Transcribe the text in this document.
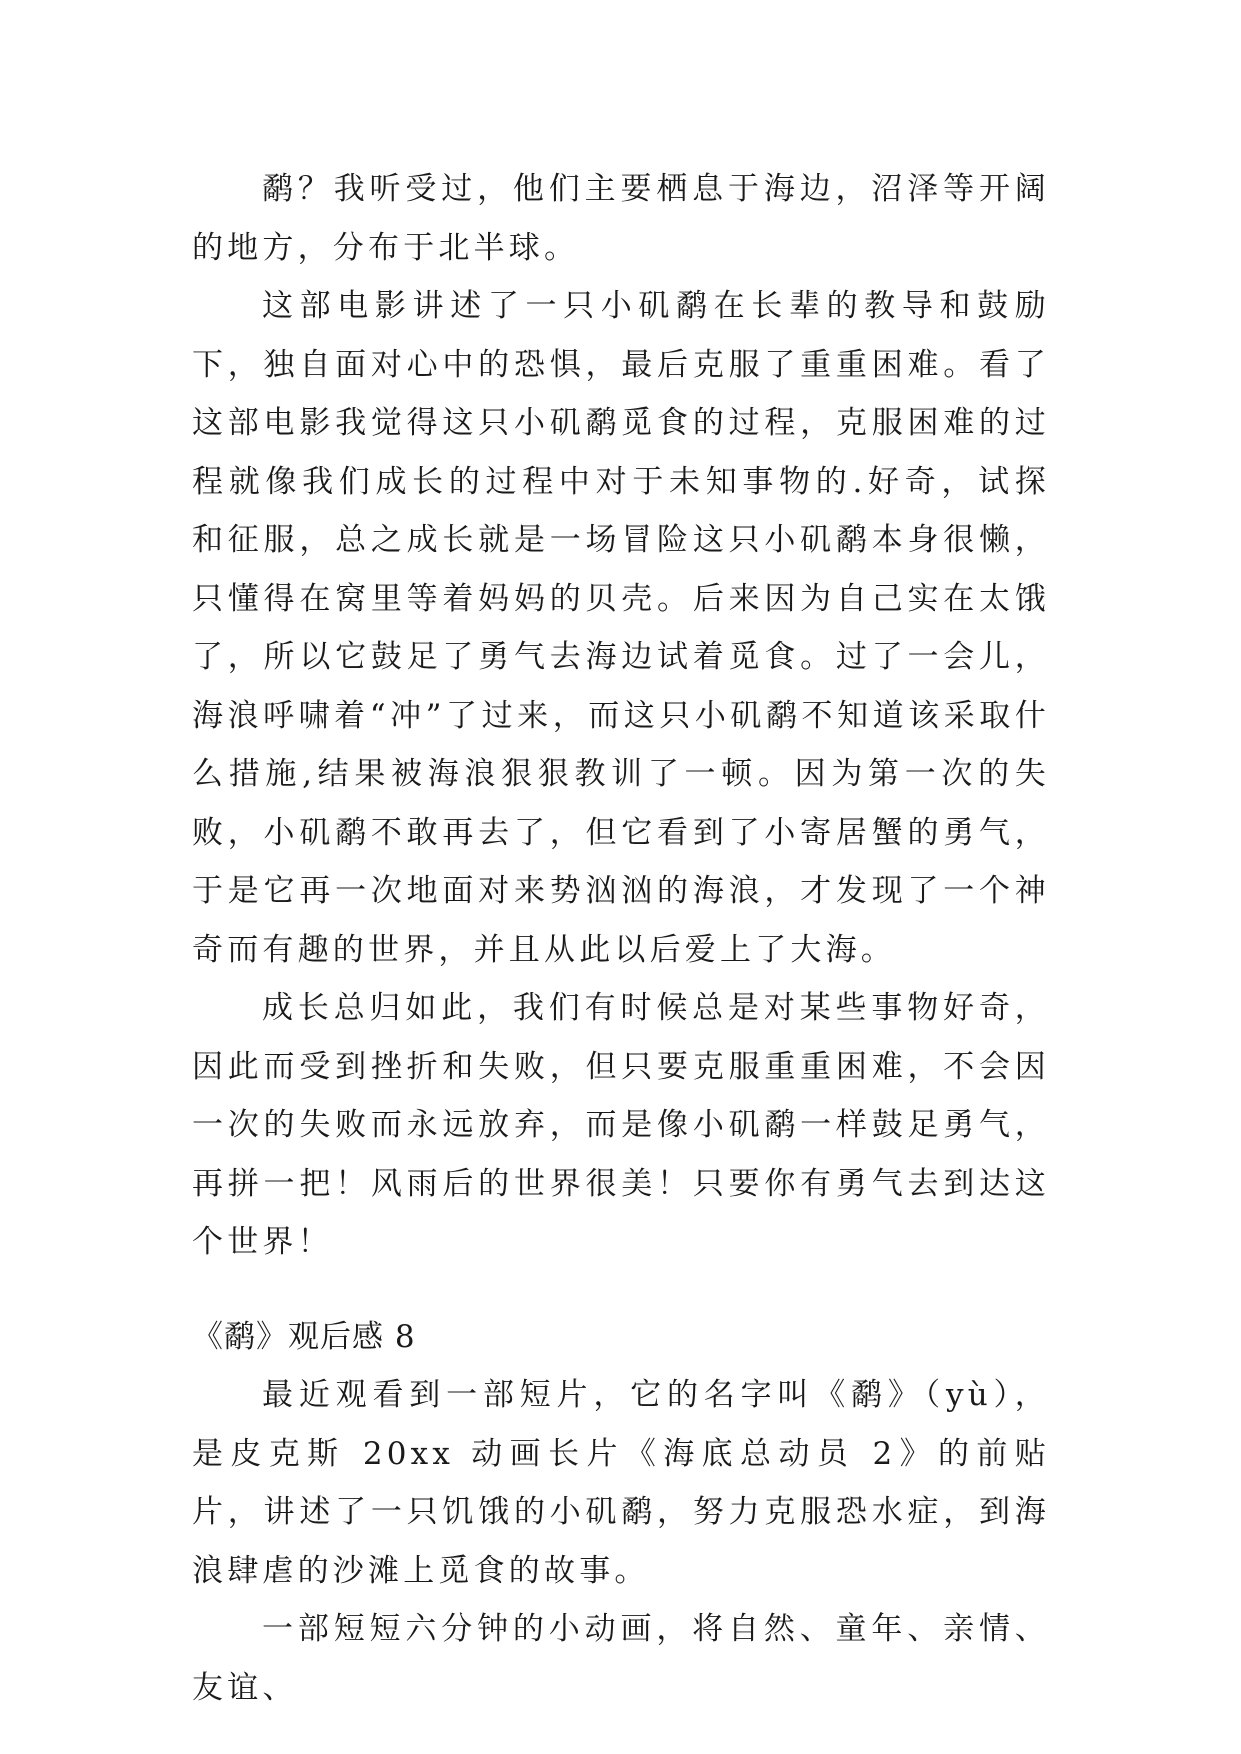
鹬？我听受过，他们主要栖息于海边，沼泽等开阔的地方，分布于北半球。

这部电影讲述了一只小矶鹬在长辈的教导和鼓励下，独自面对心中的恐惧，最后克服了重重困难。看了这部电影我觉得这只小矶鹬觅食的过程，克服困难的过程就像我们成长的过程中对于未知事物的.好奇，试探和征服，总之成长就是一场冒险这只小矶鹬本身很懒，只懂得在窝里等着妈妈的贝壳。后来因为自己实在太饿了，所以它鼓足了勇气去海边试着觅食。过了一会儿，海浪呼啸着“冲”了过来，而这只小矶鹬不知道该采取什么措施,结果被海浪狠狠教训了一顿。因为第一次的失败，小矶鹬不敢再去了，但它看到了小寄居蟹的勇气，于是它再一次地面对来势汹汹的海浪，才发现了一个神奇而有趣的世界，并且从此以后爱上了大海。

成长总归如此，我们有时候总是对某些事物好奇，因此而受到挫折和失败，但只要克服重重困难，不会因一次的失败而永远放弃，而是像小矶鹬一样鼓足勇气，再拼一把！风雨后的世界很美！只要你有勇气去到达这个世界！

《鹬》观后感 8

最近观看到一部短片，它的名字叫《鹬》（yù），是皮克斯 20xx 动画长片《海底总动员 2》的前贴片，讲述了一只饥饿的小矶鹬，努力克服恐水症，到海浪肆虐的沙滩上觅食的故事。

一部短短六分钟的小动画，将自然、童年、亲情、友谊、
